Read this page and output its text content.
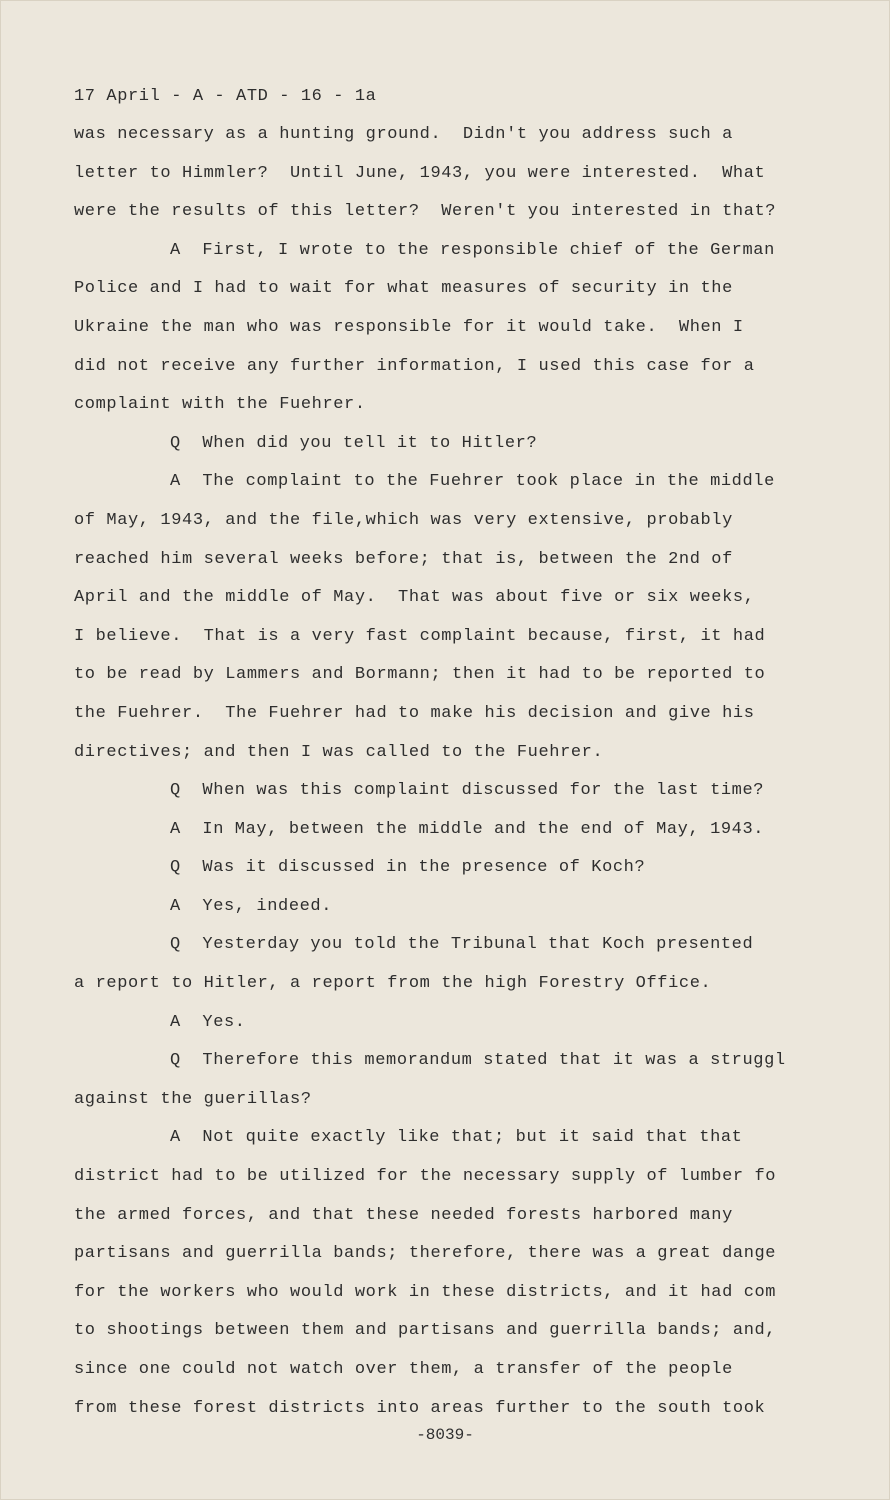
17 April - A - ATD - 16 - 1a
was necessary as a hunting ground.  Didn't you address such a
letter to Himmler?  Until June, 1943, you were interested.  What
were the results of this letter?  Weren't you interested in that?
A  First, I wrote to the responsible chief of the German
Police and I had to wait for what measures of security in the
Ukraine the man who was responsible for it would take.  When I
did not receive any further information, I used this case for a
complaint with the Fuehrer.
Q  When did you tell it to Hitler?
A  The complaint to the Fuehrer took place in the middle
of May, 1943, and the file,which was very extensive, probably
reached him several weeks before; that is, between the 2nd of
April and the middle of May.  That was about five or six weeks,
I believe.  That is a very fast complaint because, first, it had
to be read by Lammers and Bormann; then it had to be reported to
the Fuehrer.  The Fuehrer had to make his decision and give his
directives; and then I was called to the Fuehrer.
Q  When was this complaint discussed for the last time?
A  In May, between the middle and the end of May, 1943.
Q  Was it discussed in the presence of Koch?
A  Yes, indeed.
Q  Yesterday you told the Tribunal that Koch presented
a report to Hitler, a report from the high Forestry Office.
A  Yes.
Q  Therefore this memorandum stated that it was a struggl
against the guerillas?
A  Not quite exactly like that; but it said that that
district had to be utilized for the necessary supply of lumber fo
the armed forces, and that these needed forests harbored many
partisans and guerrilla bands; therefore, there was a great dange
for the workers who would work in these districts, and it had com
to shootings between them and partisans and guerrilla bands; and,
since one could not watch over them, a transfer of the people
from these forest districts into areas further to the south took
-8039-
